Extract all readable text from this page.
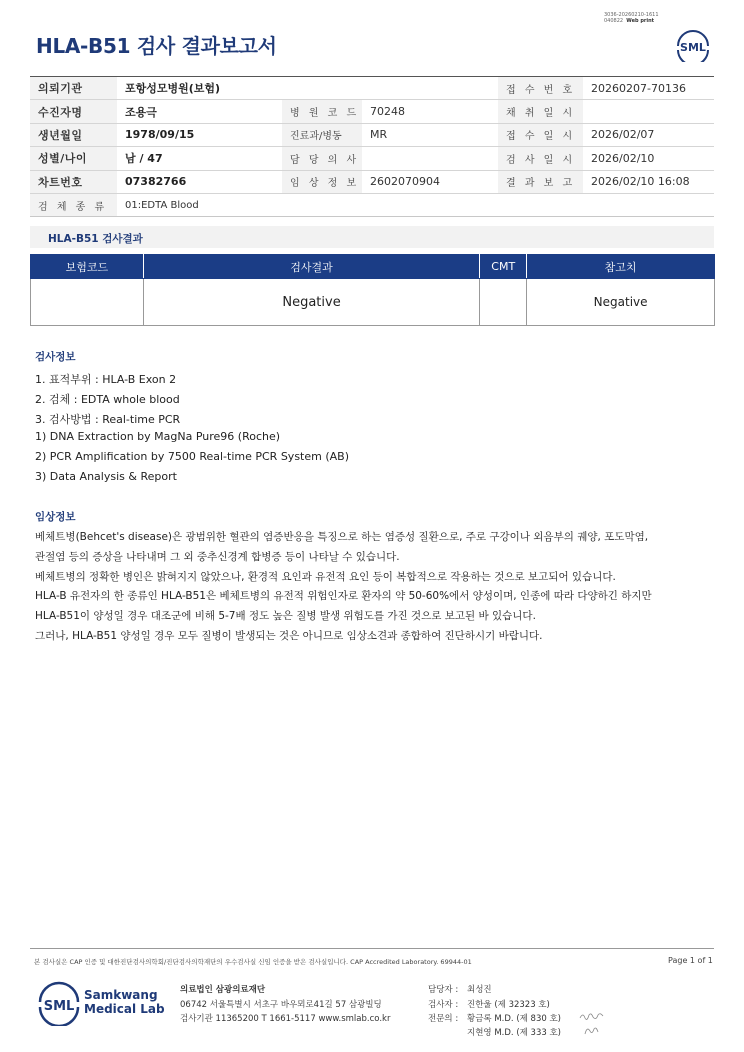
3036-20260210-1611
040822 Web print
HLA-B51 검사 결과보고서	SML
의뢰기관	포항성모병원(보험)			접 수 번 호	20260207-70136
수진자명	조용극	병 원 코 드	70248	채 취 일 시	
생년월일	1978/09/15	진료과/병동	MR	접 수 일 시	2026/02/07
성별/나이	남 / 47	담 당 의 사		검 사 일 시	2026/02/10
차트번호	07382766	임 상 정 보	2602070904	결 과 보 고	2026/02/10 16:08
검 체 종 류	01:EDTA Blood				
HLA-B51 검사결과
보험코드	검사결과	CMT	참고치
	Negative		Negative
검사정보
1. 표적부위 : HLA-B Exon 2
2. 검체 : EDTA whole blood
3. 검사방법 : Real-time PCR
1) DNA Extraction by MagNa Pure96 (Roche)
2) PCR Amplification by 7500 Real-time PCR System (AB)
3) Data Analysis & Report
임상정보
베체트병(Behcet's disease)은 광범위한 혈관의 염증반응을 특징으로 하는 염증성 질환으로, 주로 구강이나 외음부의 궤양, 포도막염,
관절염 등의 증상을 나타내며 그 외 중추신경계 합병증 등이 나타날 수 있습니다.
베체트병의 정확한 병인은 밝혀지지 않았으나, 환경적 요인과 유전적 요인 등이 복합적으로 작용하는 것으로 보고되어 있습니다.
HLA-B 유전자의 한 종류인 HLA-B51은 베체트병의 유전적 위험인자로 환자의 약 50-60%에서 양성이며, 인종에 따라 다양하긴 하지만
HLA-B51이 양성일 경우 대조군에 비해 5-7배 정도 높은 질병 발생 위험도를 가진 것으로 보고된 바 있습니다.
그러나, HLA-B51 양성일 경우 모두 질병이 발생되는 것은 아니므로 임상소견과 종합하여 진단하시기 바랍니다.
본 검사실은 CAP 인증 및 대한진단검사의학회/진단검사의학재단의 우수검사실 신임 인증을 받은 검사실입니다. CAP Accredited Laboratory. 69944-01	Page 1 of 1
SML
Samkwang
Medical Lab
의료법인 삼광의료재단
06742 서울특별시 서초구 바우뫼로41길 57 삼광빌딩
검사기관 11365200 T 1661-5117 www.smlab.co.kr
담당자 : 최성진
검사자 : 진한울 (제 32323 호)
전문의 : 황금록 M.D. (제 830 호)
지현영 M.D. (제 333 호)
